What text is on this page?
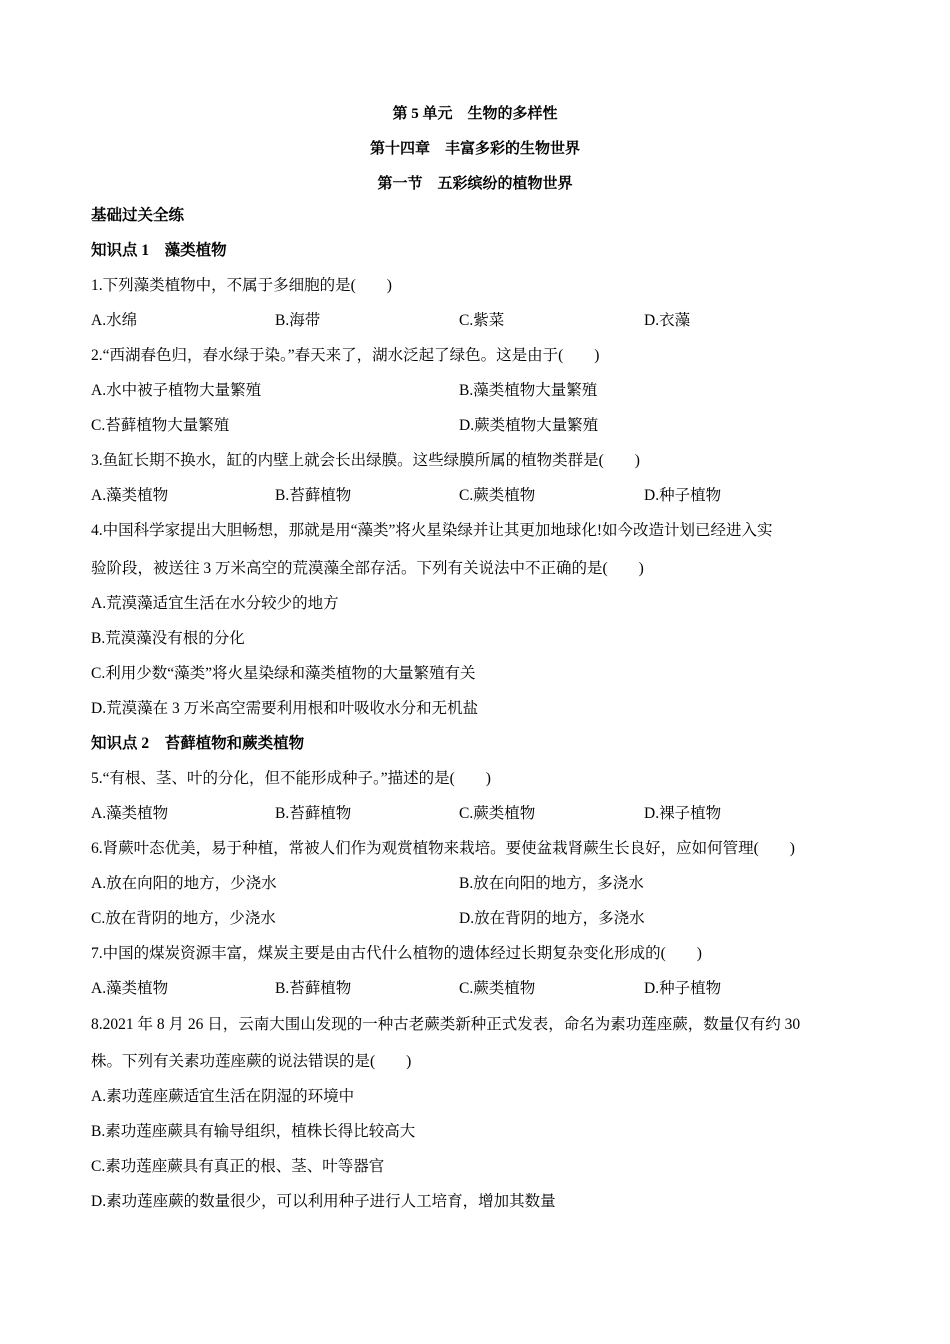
第 5 单元　生物的多样性
第十四章　丰富多彩的生物世界
第一节　五彩缤纷的植物世界
基础过关全练
知识点 1　藻类植物
1.下列藻类植物中，不属于多细胞的是(　　)
A.水绵	B.海带	C.紫菜	D.衣藻
2.“西湖春色归，春水绿于染。”春天来了，湖水泛起了绿色。这是由于(　　)
A.水中被子植物大量繁殖	B.藻类植物大量繁殖
C.苔藓植物大量繁殖	D.蕨类植物大量繁殖
3.鱼缸长期不换水，缸的内壁上就会长出绿膜。这些绿膜所属的植物类群是(　　)
A.藻类植物	B.苔藓植物	C.蕨类植物	D.种子植物
4.中国科学家提出大胆畅想，那就是用“藻类”将火星染绿并让其更加地球化!如今改造计划已经进入实
验阶段，被送往 3 万米高空的荒漠藻全部存活。下列有关说法中不正确的是(　　)
A.荒漠藻适宜生活在水分较少的地方
B.荒漠藻没有根的分化
C.利用少数“藻类”将火星染绿和藻类植物的大量繁殖有关
D.荒漠藻在 3 万米高空需要利用根和叶吸收水分和无机盐
知识点 2　苔藓植物和蕨类植物
5.“有根、茎、叶的分化，但不能形成种子。”描述的是(　　)
A.藻类植物	B.苔藓植物	C.蕨类植物	D.裸子植物
6.肾蕨叶态优美，易于种植，常被人们作为观赏植物来栽培。要使盆栽肾蕨生长良好，应如何管理(　　)
A.放在向阳的地方，少浇水	B.放在向阳的地方，多浇水
C.放在背阴的地方，少浇水	D.放在背阴的地方，多浇水
7.中国的煤炭资源丰富，煤炭主要是由古代什么植物的遗体经过长期复杂变化形成的(　　)
A.藻类植物	B.苔藓植物	C.蕨类植物	D.种子植物
8.2021 年 8 月 26 日，云南大围山发现的一种古老蕨类新种正式发表，命名为素功莲座蕨，数量仅有约 30
株。下列有关素功莲座蕨的说法错误的是(　　)
A.素功莲座蕨适宜生活在阴湿的环境中
B.素功莲座蕨具有输导组织，植株长得比较高大
C.素功莲座蕨具有真正的根、茎、叶等器官
D.素功莲座蕨的数量很少，可以利用种子进行人工培育，增加其数量
